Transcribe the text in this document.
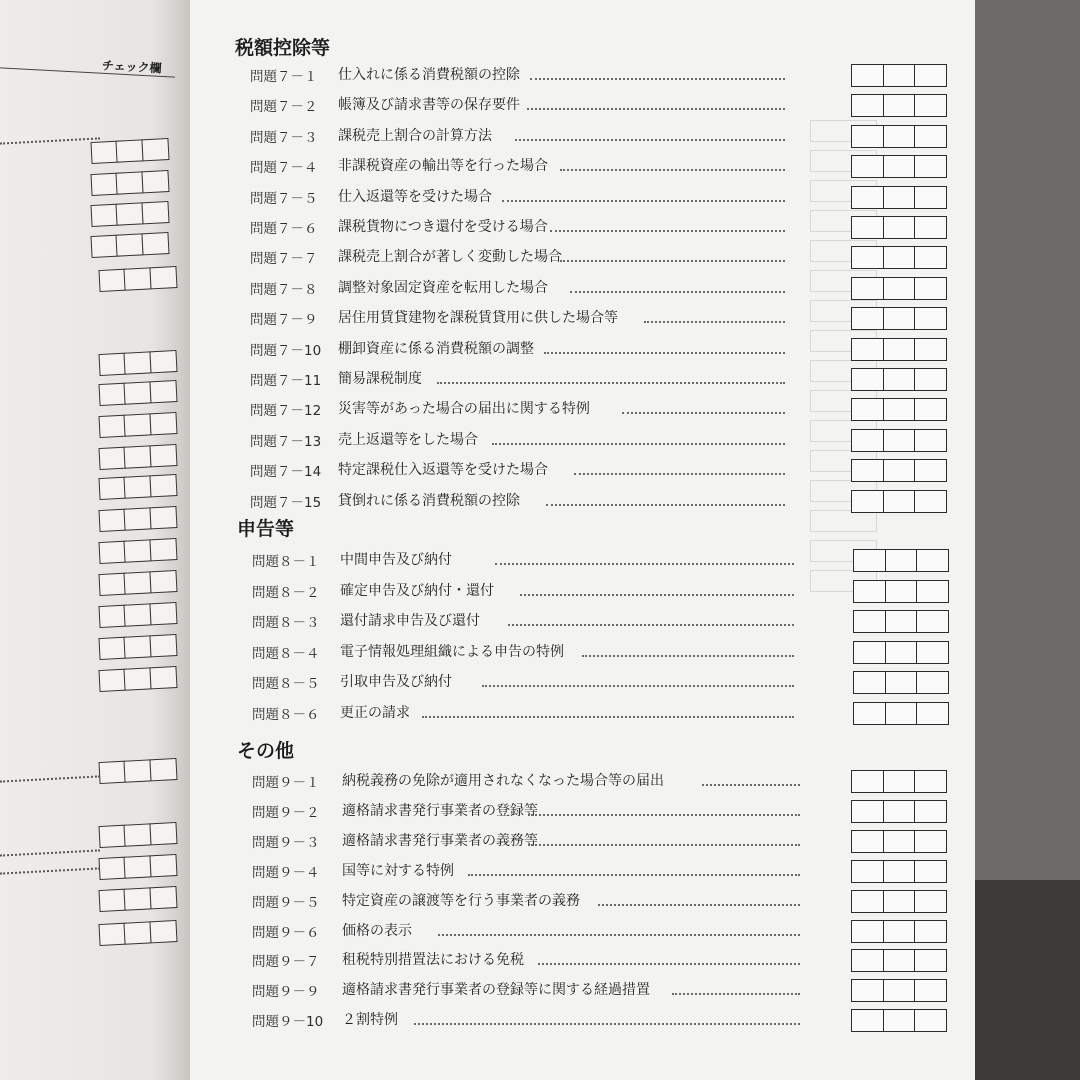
チェック欄
税額控除等
問題７－１ 仕入れに係る消費税額の控除
問題７－２ 帳簿及び請求書等の保存要件
問題７－３ 課税売上割合の計算方法
問題７－４ 非課税資産の輸出等を行った場合
問題７－５ 仕入返還等を受けた場合
問題７－６ 課税貨物につき還付を受ける場合
問題７－７ 課税売上割合が著しく変動した場合
問題７－８ 調整対象固定資産を転用した場合
問題７－９ 居住用賃貸建物を課税賃貸用に供した場合等
問題７－10 棚卸資産に係る消費税額の調整
問題７－11 簡易課税制度
問題７－12 災害等があった場合の届出に関する特例
問題７－13 売上返還等をした場合
問題７－14 特定課税仕入返還等を受けた場合
問題７－15 貸倒れに係る消費税額の控除
申告等
問題８－１ 中間申告及び納付
問題８－２ 確定申告及び納付・還付
問題８－３ 還付請求申告及び還付
問題８－４ 電子情報処理組織による申告の特例
問題８－５ 引取申告及び納付
問題８－６ 更正の請求
その他
問題９－１ 納税義務の免除が適用されなくなった場合等の届出
問題９－２ 適格請求書発行事業者の登録等
問題９－３ 適格請求書発行事業者の義務等
問題９－４ 国等に対する特例
問題９－５ 特定資産の譲渡等を行う事業者の義務
問題９－６ 価格の表示
問題９－７ 租税特別措置法における免税
問題９－９ 適格請求書発行事業者の登録等に関する経過措置
問題９－10 ２割特例
